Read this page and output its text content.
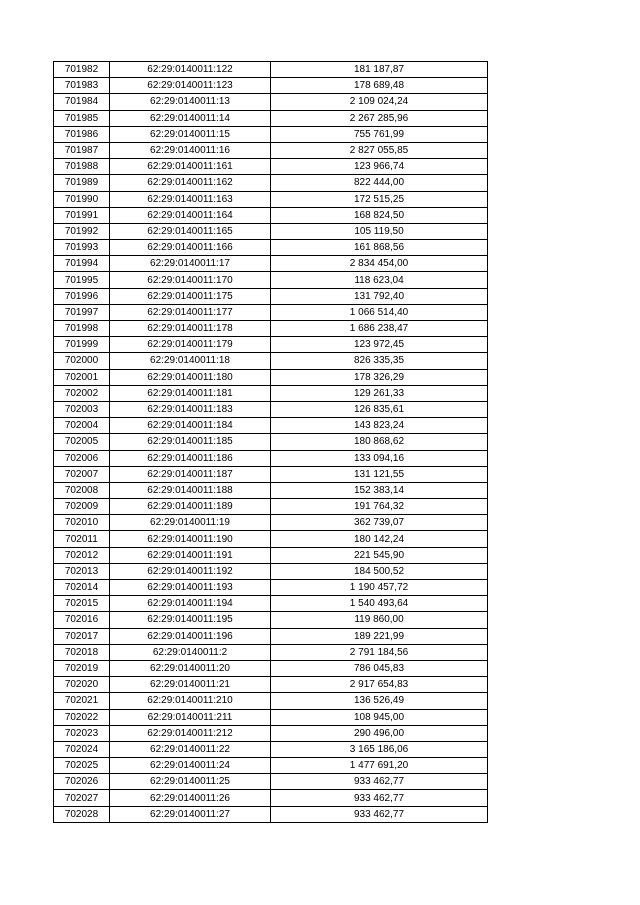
701982	62:29:0140011:122	181 187,87
701983	62:29:0140011:123	178 689,48
701984	62:29:0140011:13	2 109 024,24
701985	62:29:0140011:14	2 267 285,96
701986	62:29:0140011:15	755 761,99
701987	62:29:0140011:16	2 827 055,85
701988	62:29:0140011:161	123 966,74
701989	62:29:0140011:162	822 444,00
701990	62:29:0140011:163	172 515,25
701991	62:29:0140011:164	168 824,50
701992	62:29:0140011:165	105 119,50
701993	62:29:0140011:166	161 868,56
701994	62:29:0140011:17	2 834 454,00
701995	62:29:0140011:170	118 623,04
701996	62:29:0140011:175	131 792,40
701997	62:29:0140011:177	1 066 514,40
701998	62:29:0140011:178	1 686 238,47
701999	62:29:0140011:179	123 972,45
702000	62:29:0140011:18	826 335,35
702001	62:29:0140011:180	178 326,29
702002	62:29:0140011:181	129 261,33
702003	62:29:0140011:183	126 835,61
702004	62:29:0140011:184	143 823,24
702005	62:29:0140011:185	180 868,62
702006	62:29:0140011:186	133 094,16
702007	62:29:0140011:187	131 121,55
702008	62:29:0140011:188	152 383,14
702009	62:29:0140011:189	191 764,32
702010	62:29:0140011:19	362 739,07
702011	62:29:0140011:190	180 142,24
702012	62:29:0140011:191	221 545,90
702013	62:29:0140011:192	184 500,52
702014	62:29:0140011:193	1 190 457,72
702015	62:29:0140011:194	1 540 493,64
702016	62:29:0140011:195	119 860,00
702017	62:29:0140011:196	189 221,99
702018	62:29:0140011:2	2 791 184,56
702019	62:29:0140011:20	786 045,83
702020	62:29:0140011:21	2 917 654,83
702021	62:29:0140011:210	136 526,49
702022	62:29:0140011:211	108 945,00
702023	62:29:0140011:212	290 496,00
702024	62:29:0140011:22	3 165 186,06
702025	62:29:0140011:24	1 477 691,20
702026	62:29:0140011:25	933 462,77
702027	62:29:0140011:26	933 462,77
702028	62:29:0140011:27	933 462,77
